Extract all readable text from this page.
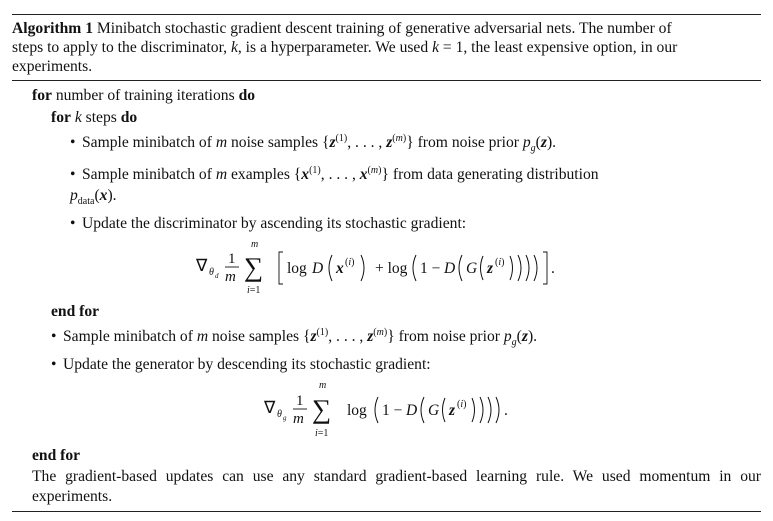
Algorithm 1 Minibatch stochastic gradient descent training of generative adversarial nets. The number of
steps to apply to the discriminator, k, is a hyperparameter. We used k = 1, the least expensive option, in our
experiments.
for number of training iterations do
for k steps do
• Sample minibatch of m noise samples {$z^{(1)}$, . . . , $z^{(m)}$} from noise prior $p_g(z)$.
• Sample minibatch of m examples {$x^{(1)}$, . . . , $x^{(m)}$} from data generating distribution
$p_{data}(x)$.
• Update the discriminator by ascending its stochastic gradient:
∇ θ d
1
m
m
∑
i=1
log D x (i) + log 1 − D G z (i)	.
end for
• Sample minibatch of m noise samples {$z^{(1)}$, . . . , $z^{(m)}$} from noise prior $p_g(z)$.
• Update the generator by descending its stochastic gradient:
∇ θ g
1
m
m
∑
i=1
log 1 − D G z (i) .
end for
The gradient-based updates can use any standard gradient-based learning rule. We used momentum in our experiments.
